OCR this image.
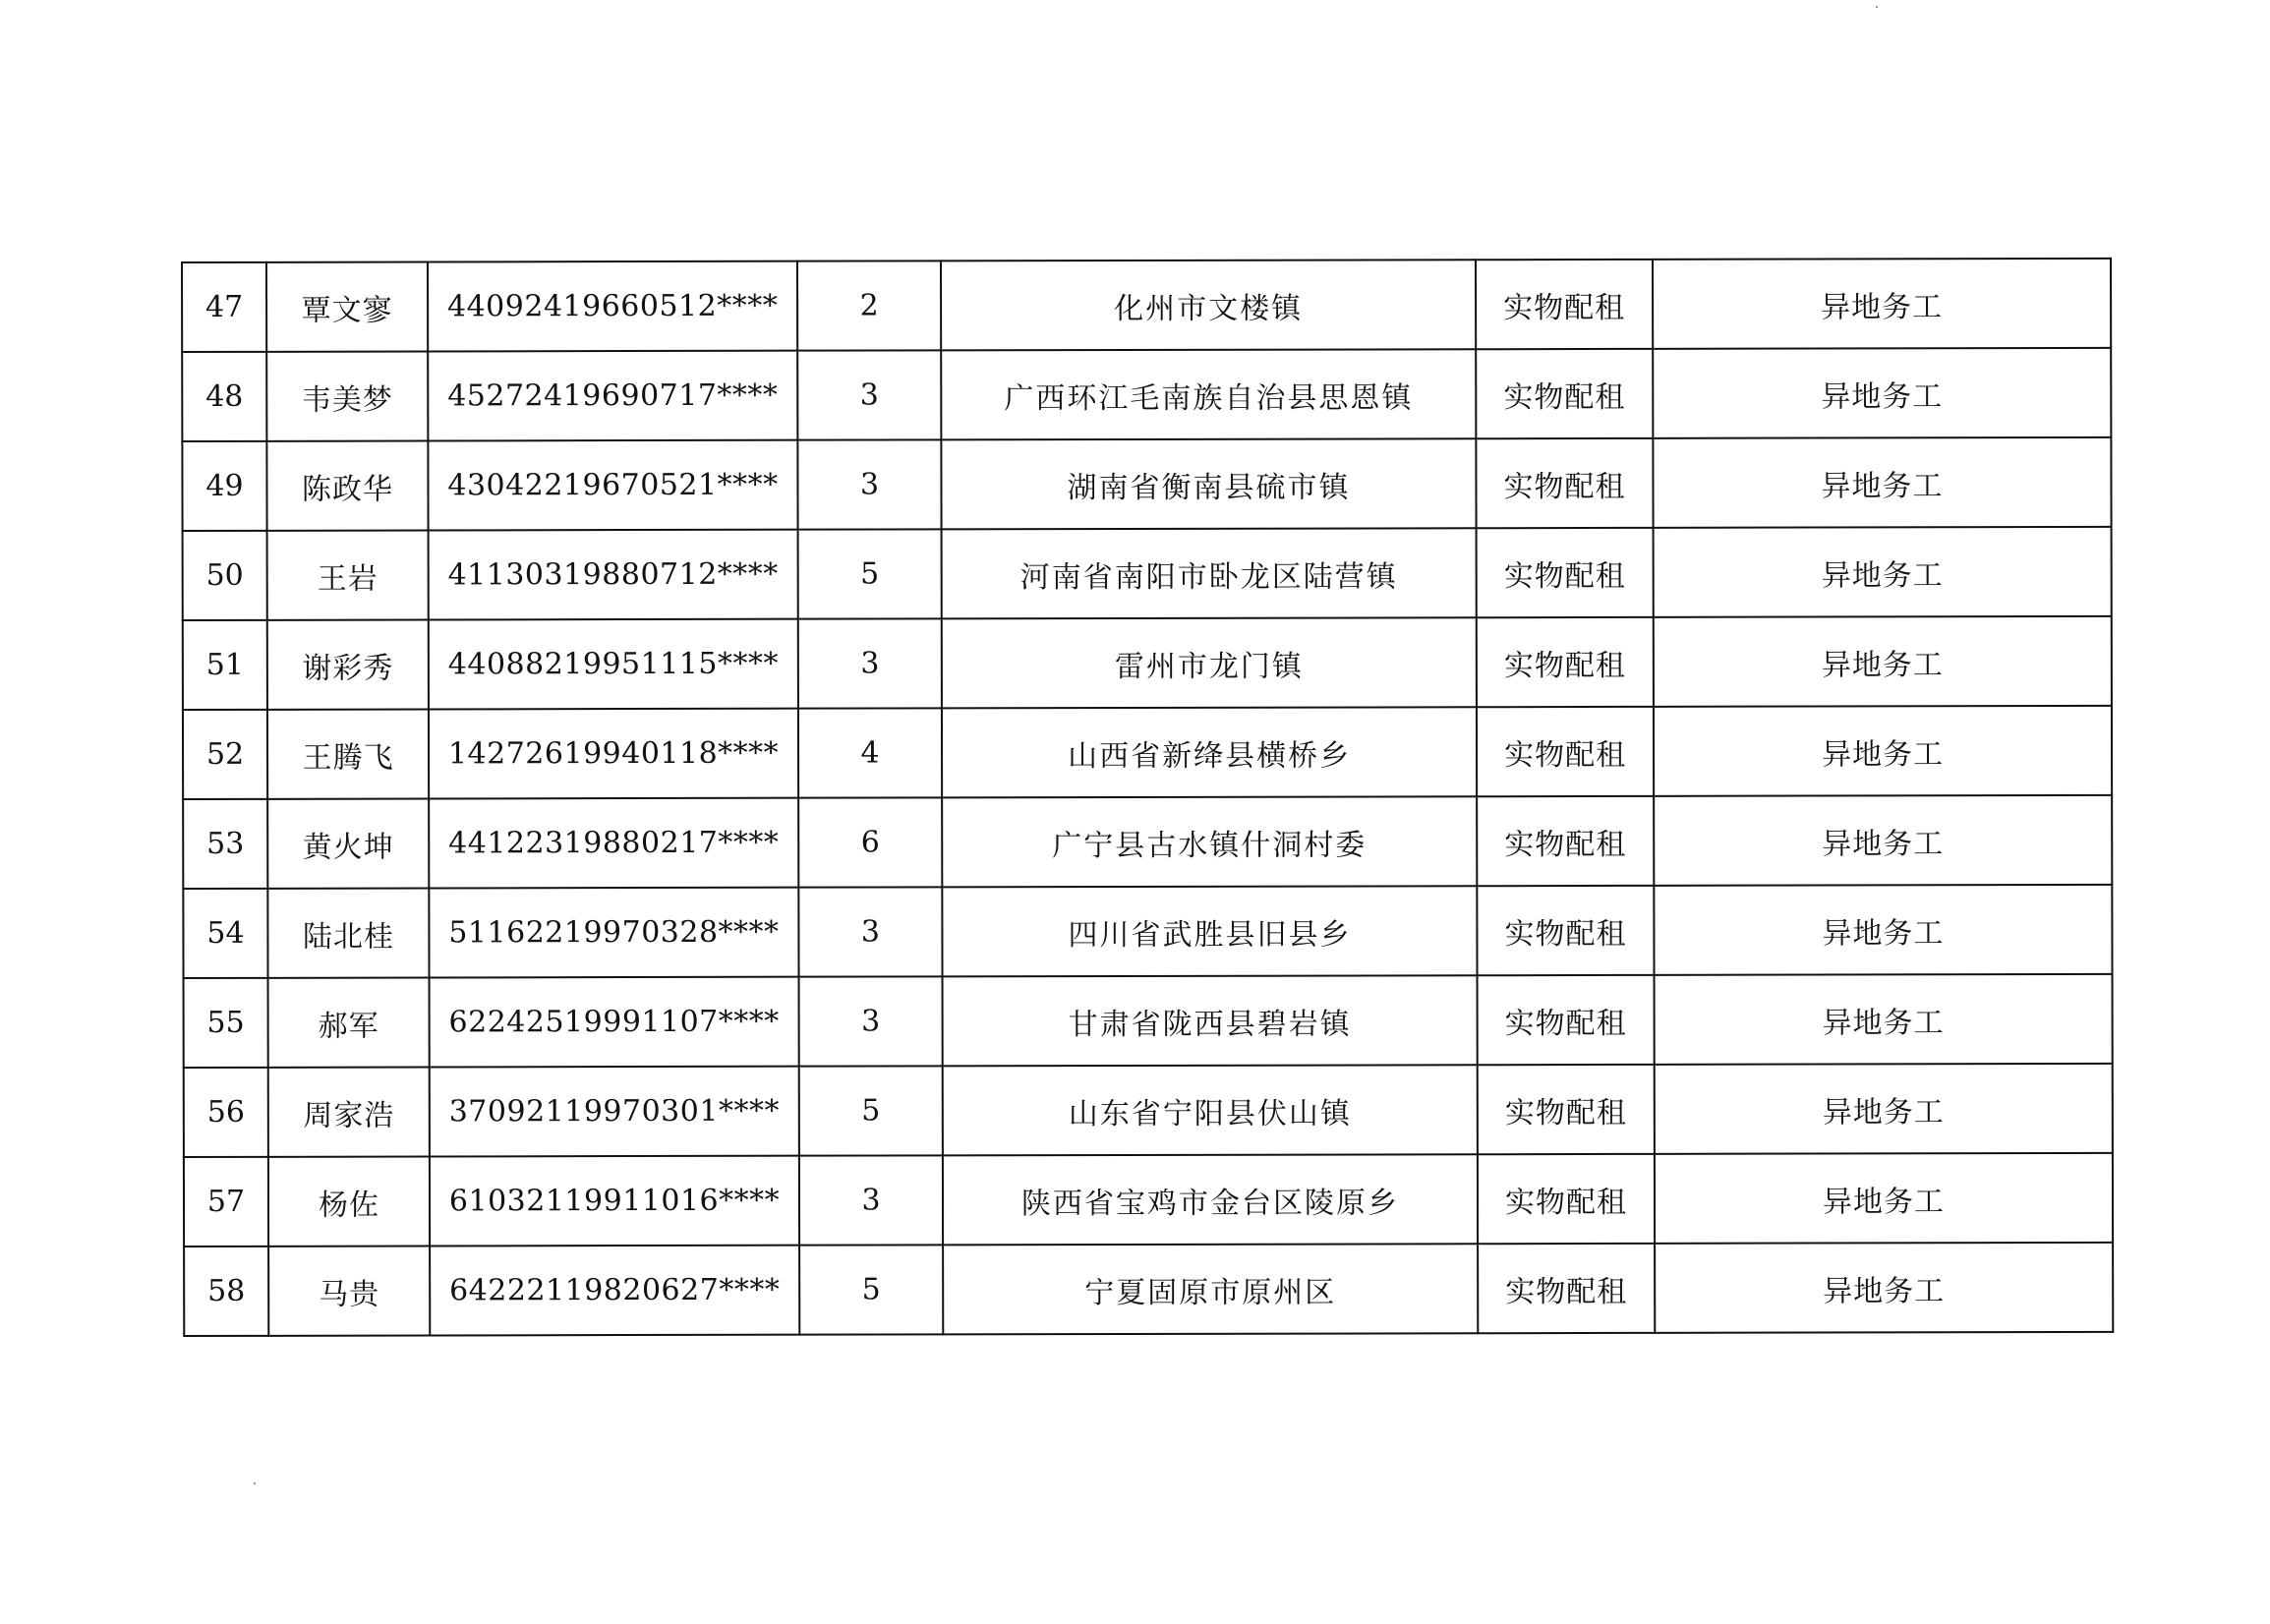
47	覃文寥	44092419660512****	2	化州市文楼镇	实物配租	异地务工
48	韦美梦	45272419690717****	3	广西环江毛南族自治县思恩镇	实物配租	异地务工
49	陈政华	43042219670521****	3	湖南省衡南县硫市镇	实物配租	异地务工
50	王岩	41130319880712****	5	河南省南阳市卧龙区陆营镇	实物配租	异地务工
51	谢彩秀	44088219951115****	3	雷州市龙门镇	实物配租	异地务工
52	王腾飞	14272619940118****	4	山西省新绛县横桥乡	实物配租	异地务工
53	黄火坤	44122319880217****	6	广宁县古水镇什洞村委	实物配租	异地务工
54	陆北桂	51162219970328****	3	四川省武胜县旧县乡	实物配租	异地务工
55	郝军	62242519991107****	3	甘肃省陇西县碧岩镇	实物配租	异地务工
56	周家浩	37092119970301****	5	山东省宁阳县伏山镇	实物配租	异地务工
57	杨佐	61032119911016****	3	陕西省宝鸡市金台区陵原乡	实物配租	异地务工
58	马贵	64222119820627****	5	宁夏固原市原州区	实物配租	异地务工
